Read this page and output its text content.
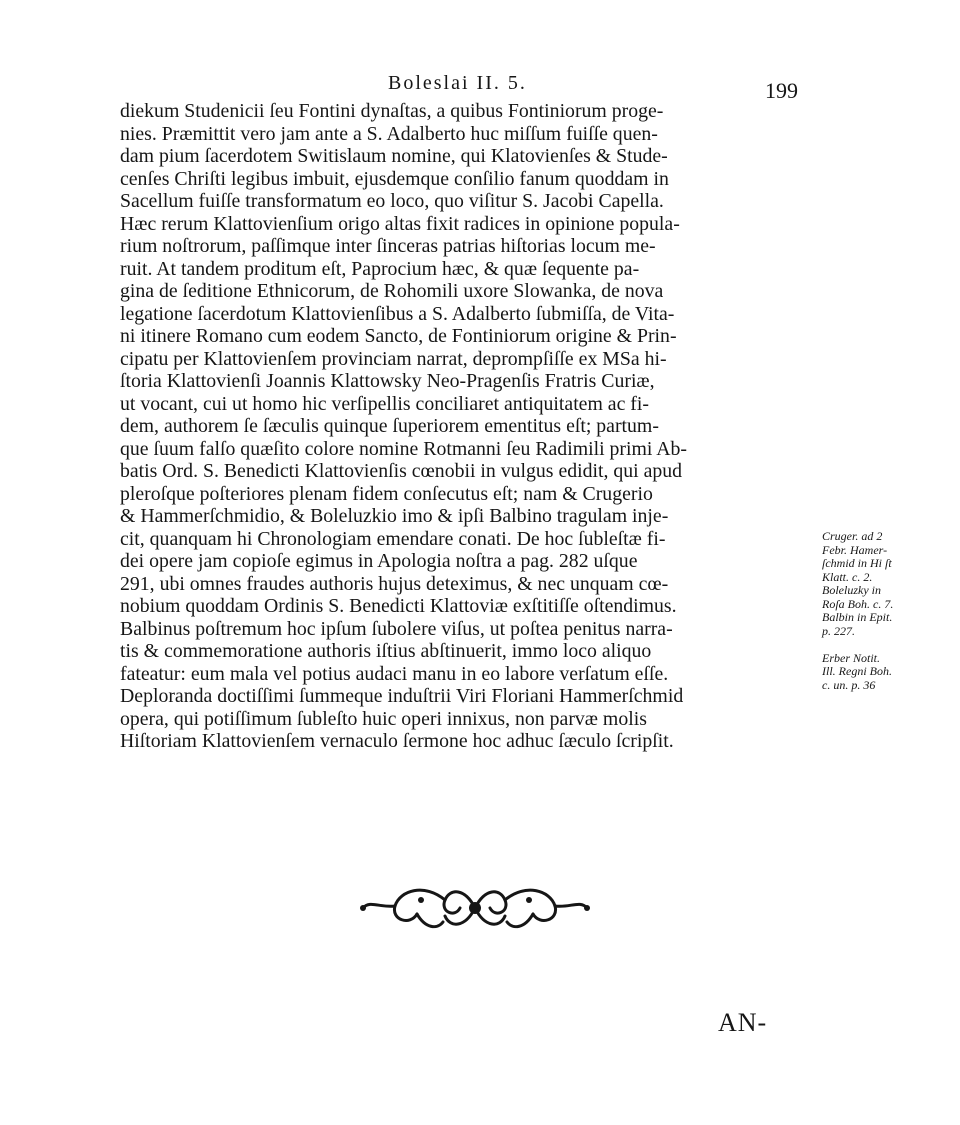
Boleslai II. 5.	199
diekum Studenicii ſeu Fontini dynaſtas, a quibus Fontiniorum proge-
nies. Præmittit vero jam ante a S. Adalberto huc miſſum fuiſſe quen-
dam pium ſacerdotem Switislaum nomine, qui Klatovienſes & Stude-
cenſes Chriſti legibus imbuit, ejusdemque conſilio fanum quoddam in
Sacellum fuiſſe transformatum eo loco, quo viſitur S. Jacobi Capella.
Hæc rerum Klattovienſium origo altas fixit radices in opinione popula-
rium noſtrorum, paſſimque inter ſinceras patrias hiſtorias locum me-
ruit. At tandem proditum eſt, Paprocium hæc, & quæ ſequente pa-
gina de ſeditione Ethnicorum, de Rohomili uxore Slowanka, de nova
legatione ſacerdotum Klattovienſibus a S. Adalberto ſubmiſſa, de Vita-
ni itinere Romano cum eodem Sancto, de Fontiniorum origine & Prin-
cipatu per Klattovienſem provinciam narrat, deprompſiſſe ex MSa hi-
ſtoria Klattovienſi Joannis Klattowsky Neo-Pragenſis Fratris Curiæ,
ut vocant, cui ut homo hic verſipellis conciliaret antiquitatem ac fi-
dem, authorem ſe ſæculis quinque ſuperiorem ementitus eſt; partum-
que ſuum falſo quæſito colore nomine Rotmanni ſeu Radimili primi Ab-
batis Ord. S. Benedicti Klattovienſis cœnobii in vulgus edidit, qui apud
pleroſque poſteriores plenam fidem conſecutus eſt; nam & Crugerio
& Hammerſchmidio, & Boleluzkio imo & ipſi Balbino tragulam inje-
cit, quanquam hi Chronologiam emendare conati. De hoc ſubleſtæ fi-
dei opere jam copioſe egimus in Apologia noſtra a pag. 282 uſque
291, ubi omnes fraudes authoris hujus deteximus, & nec unquam cœ-
nobium quoddam Ordinis S. Benedicti Klattoviæ exſtitiſſe oſtendimus.
Balbinus poſtremum hoc ipſum ſubolere viſus, ut poſtea penitus narra-
tis & commemoratione authoris iſtius abſtinuerit, immo loco aliquo
fateatur: eum mala vel potius audaci manu in eo labore verſatum eſſe.
Deploranda doctiſſimi ſummeque induſtrii Viri Floriani Hammerſchmid
opera, qui potiſſimum ſubleſto huic operi innixus, non parvæ molis
Hiſtoriam Klattovienſem vernaculo ſermone hoc adhuc ſæculo ſcripſit.
Cruger. ad 2
Febr. Hamer-
ſchmid in Hi ſt
Klatt. c. 2.
Boleluzky in
Roſa Boh. c. 7.
Balbin in Epit.
p. 227.

Erber Notit.
Ill. Regni Boh.
c. un. p. 36
AN-
